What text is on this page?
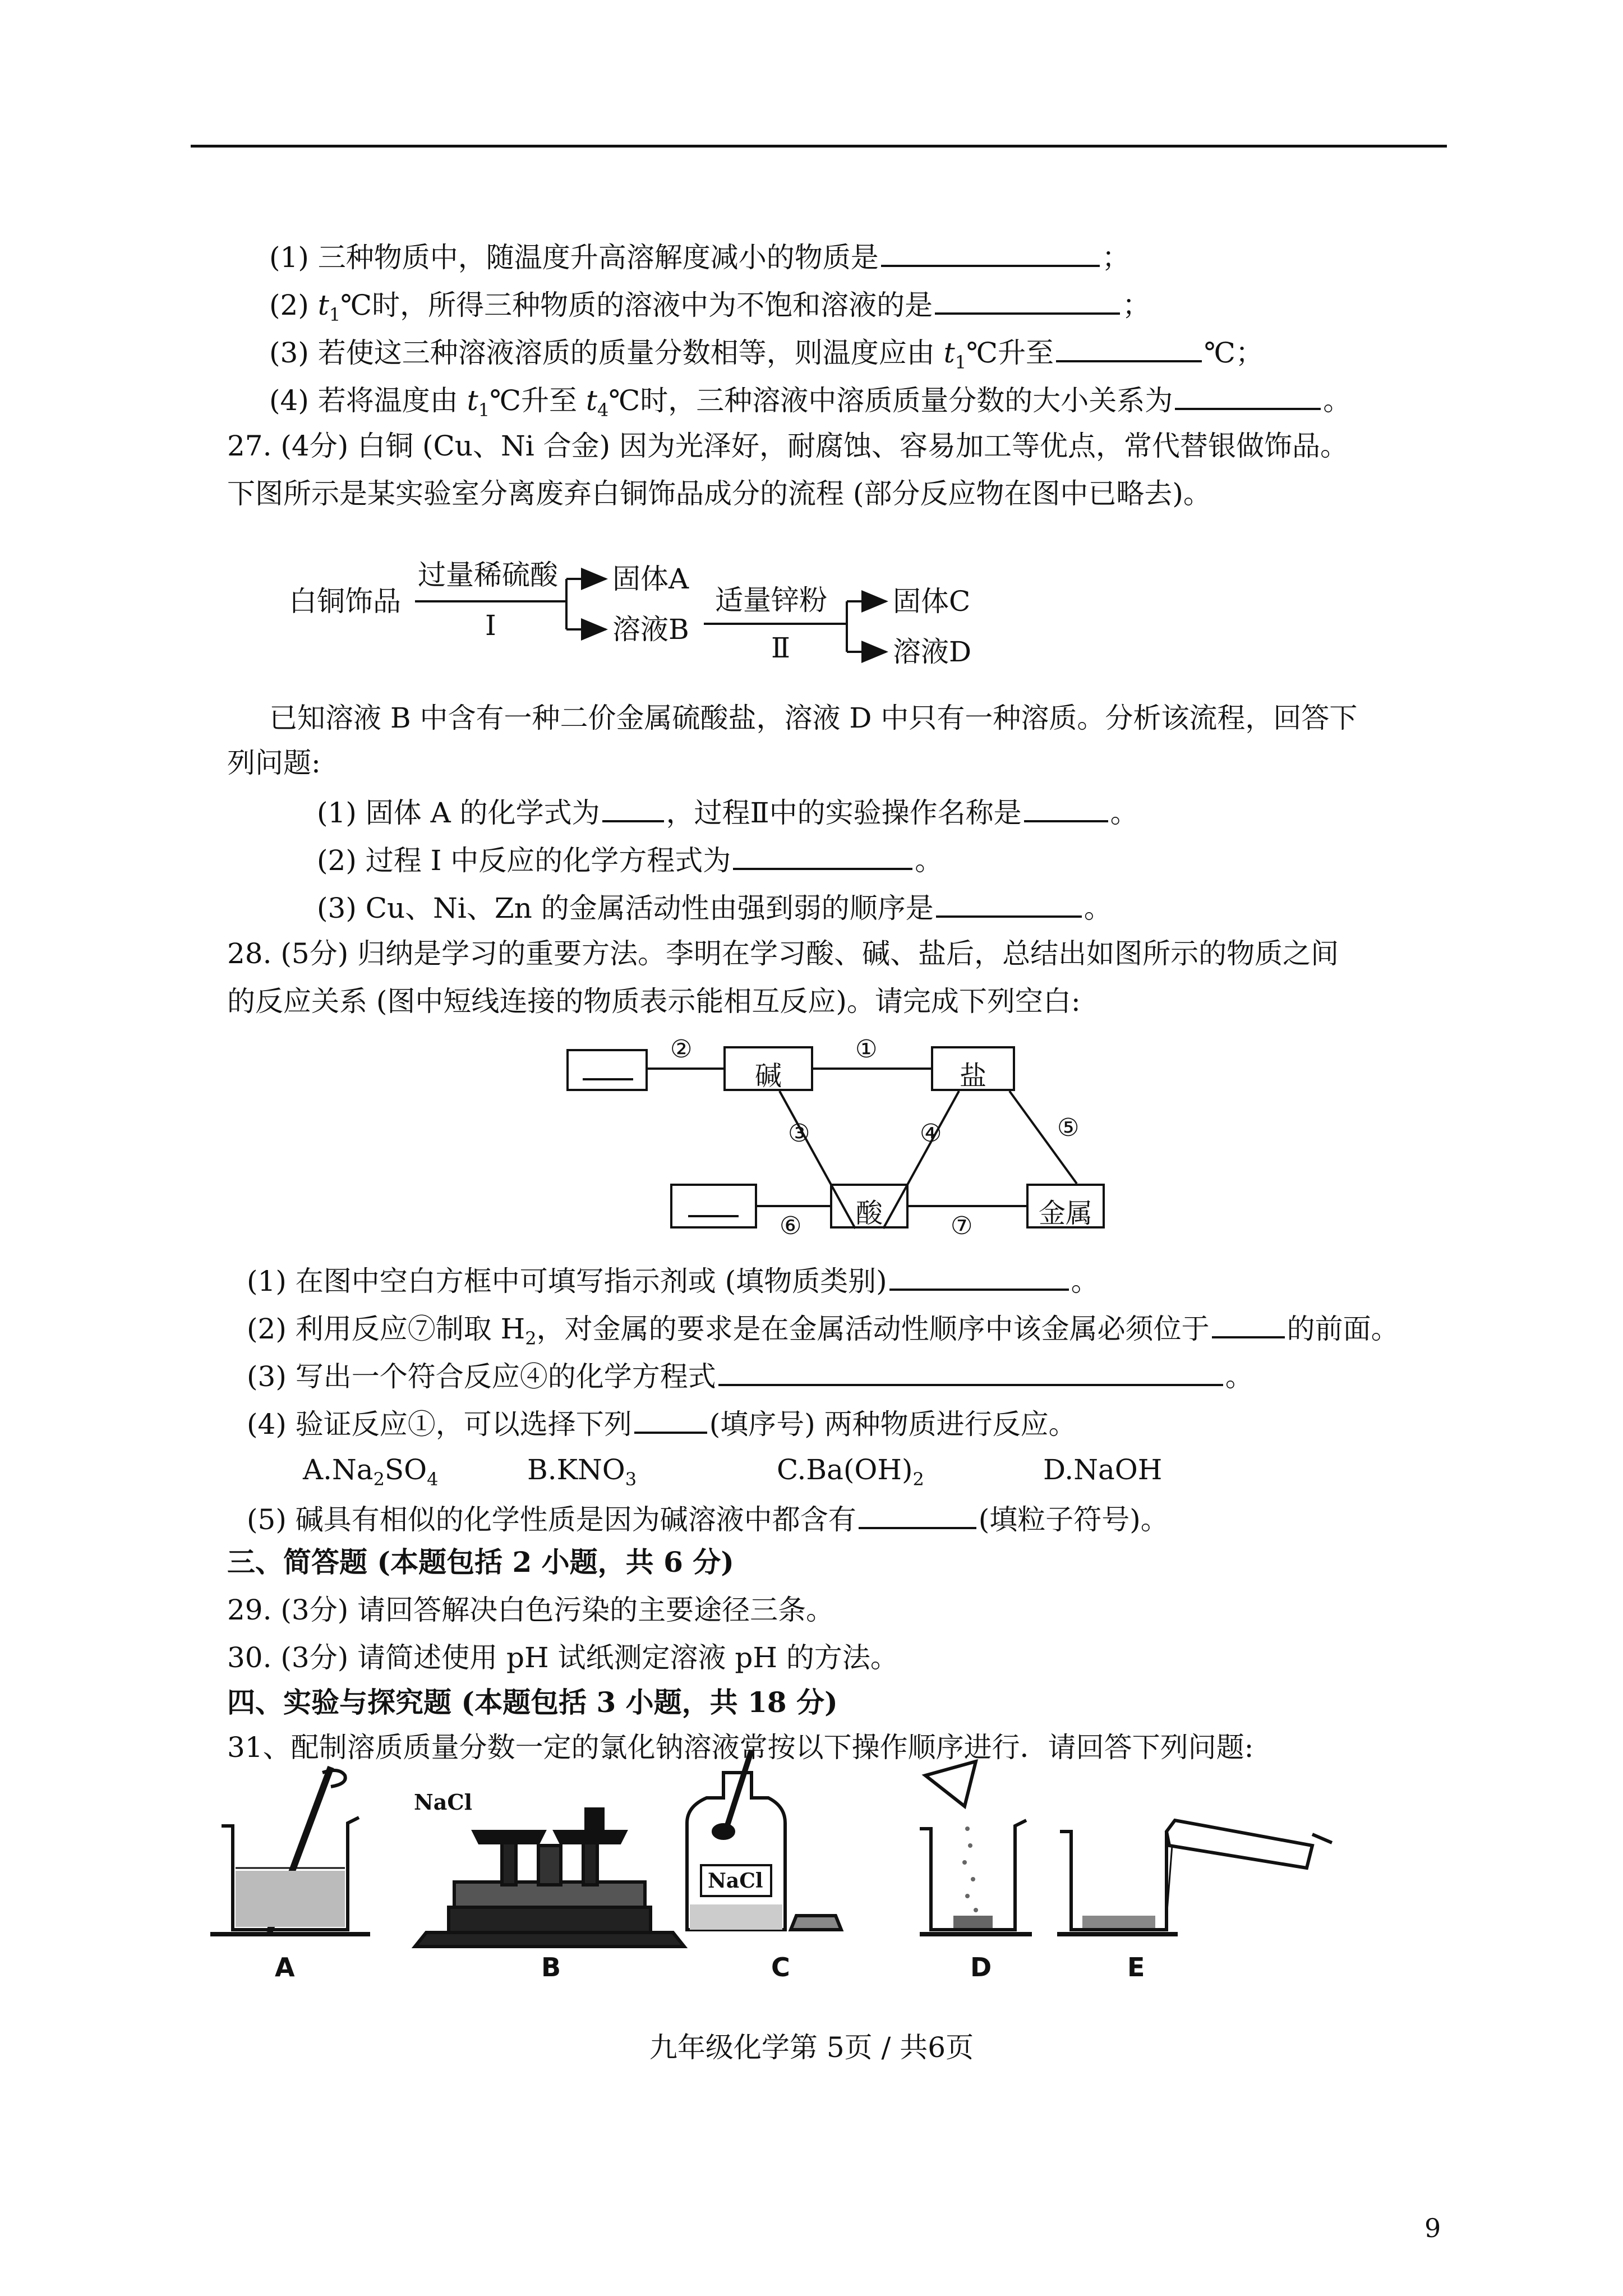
(1) 三种物质中，随温度升高溶解度减小的物质是	；
(2) $t_1℃$时，所得三种物质的溶液中为不饱和溶液的是	；
(3) 若使这三种溶液溶质的质量分数相等，则温度应由 $t_1℃$升至	℃；
(4) 若将温度由 $t_1℃$升至 $t_4℃$时，三种溶液中溶质质量分数的大小关系为	。
27. (4分) 白铜 (Cu、Ni 合金) 因为光泽好，耐腐蚀、容易加工等优点，常代替银做饰品。
下图所示是某实验室分离废弃白铜饰品成分的流程 (部分反应物在图中已略去)。
白铜饰品
过量稀硫酸
Ⅰ
固体A
溶液B
适量锌粉
Ⅱ
固体C
溶液D
已知溶液 B 中含有一种二价金属硫酸盐，溶液 D 中只有一种溶质。分析该流程，回答下
列问题:
(1) 固体 A 的化学式为 ，过程Ⅱ中的实验操作名称是	。
(2) 过程 I 中反应的化学方程式为	。
(3) Cu、Ni、Zn 的金属活动性由强到弱的顺序是	。
28. (5分) 归纳是学习的重要方法。李明在学习酸、碱、盐后，总结出如图所示的物质之间
的反应关系 (图中短线连接的物质表示能相互反应)。请完成下列空白:
碱	盐
酸	金属
②	①
③	④	⑤
⑥	⑦
(1) 在图中空白方框中可填写指示剂或 (填物质类别)	。
(2) 利用反应⑦制取 $H_2$，对金属的要求是在金属活动性顺序中该金属必须位于	的前面。
(3) 写出一个符合反应④的化学方程式	。
(4) 验证反应①，可以选择下列	(填序号) 两种物质进行反应。
$A.Na_2SO_4$	$B.KNO_3$	$C.Ba(OH)_2$	D.NaOH
(5) 碱具有相似的化学性质是因为碱溶液中都含有	(填粒子符号)。
三、简答题 (本题包括 2 小题，共 6 分)
29. (3分) 请回答解决白色污染的主要途径三条。
30. (3分) 请简述使用 pH 试纸测定溶液 pH 的方法。
四、实验与探究题 (本题包括 3 小题，共 18 分)
31、配制溶质质量分数一定的氯化钠溶液常按以下操作顺序进行．请回答下列问题:
NaCl
NaCl
A	B	C	D	E
九年级化学第 5页 / 共6页
9
